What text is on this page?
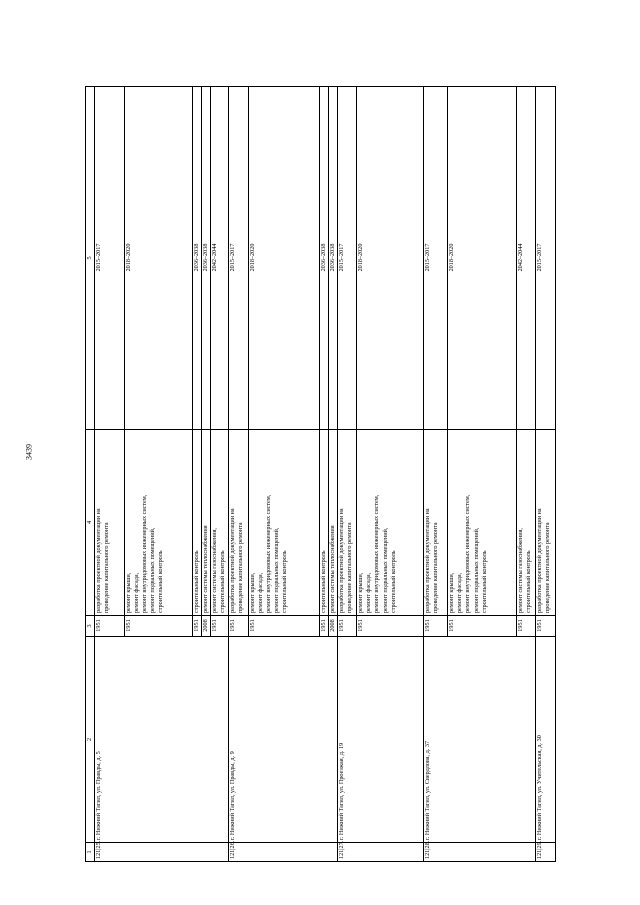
3439
1	2	3	4	5
121|25.	г. Нижний Тагил, ул. Правды, д. 5	1951	разработка проектной документации на проведение капитального ремонта	2015–2017
		1951	ремонт крыши, ремонт фасада, ремонт внутридомовых инженерных систем, ремонт подвальных помещений, строительный контроль	2018–2020
		1951	строительный контроль	2036–2038
		2008	ремонт системы теплоснабжения	2036–2038
		1951	ремонт системы газоснабжения, строительный контроль	2042–2044
121|26.	г. Нижний Тагил, ул. Правды, д. 9	1951	разработка проектной документации на проведение капитального ремонта	2015–2017
		1951	ремонт крыши, ремонт фасада, ремонт внутридомовых инженерных систем, ремонт подвальных помещений, строительный контроль	2018–2020
		1951	строительный контроль	2036–2038
		2008	ремонт системы теплоснабжения	2036–2038
121|27.	г. Нижний Тагил, ул. Проезжая, д. 19	1951	разработка проектной документации на проведение капитального ремонта	2015–2017
		1951	ремонт крыши, ремонт фасада, ремонт внутридомовых инженерных систем, ремонт подвальных помещений, строительный контроль	2018–2020
121|28.	г. Нижний Тагил, ул. Свердлова, д. 37	1951	разработка проектной документации на проведение капитального ремонта	2015–2017
		1951	ремонт крыши, ремонт фасада, ремонт внутридомовых инженерных систем, ремонт подвальных помещений, строительный контроль	2018–2020
		1951	ремонт системы газоснабжения, строительный контроль	2042–2044
121|29.	г. Нижний Тагил, ул. Учительская, д. 30	1951	разработка проектной документации на проведение капитального ремонта	2015–2017
